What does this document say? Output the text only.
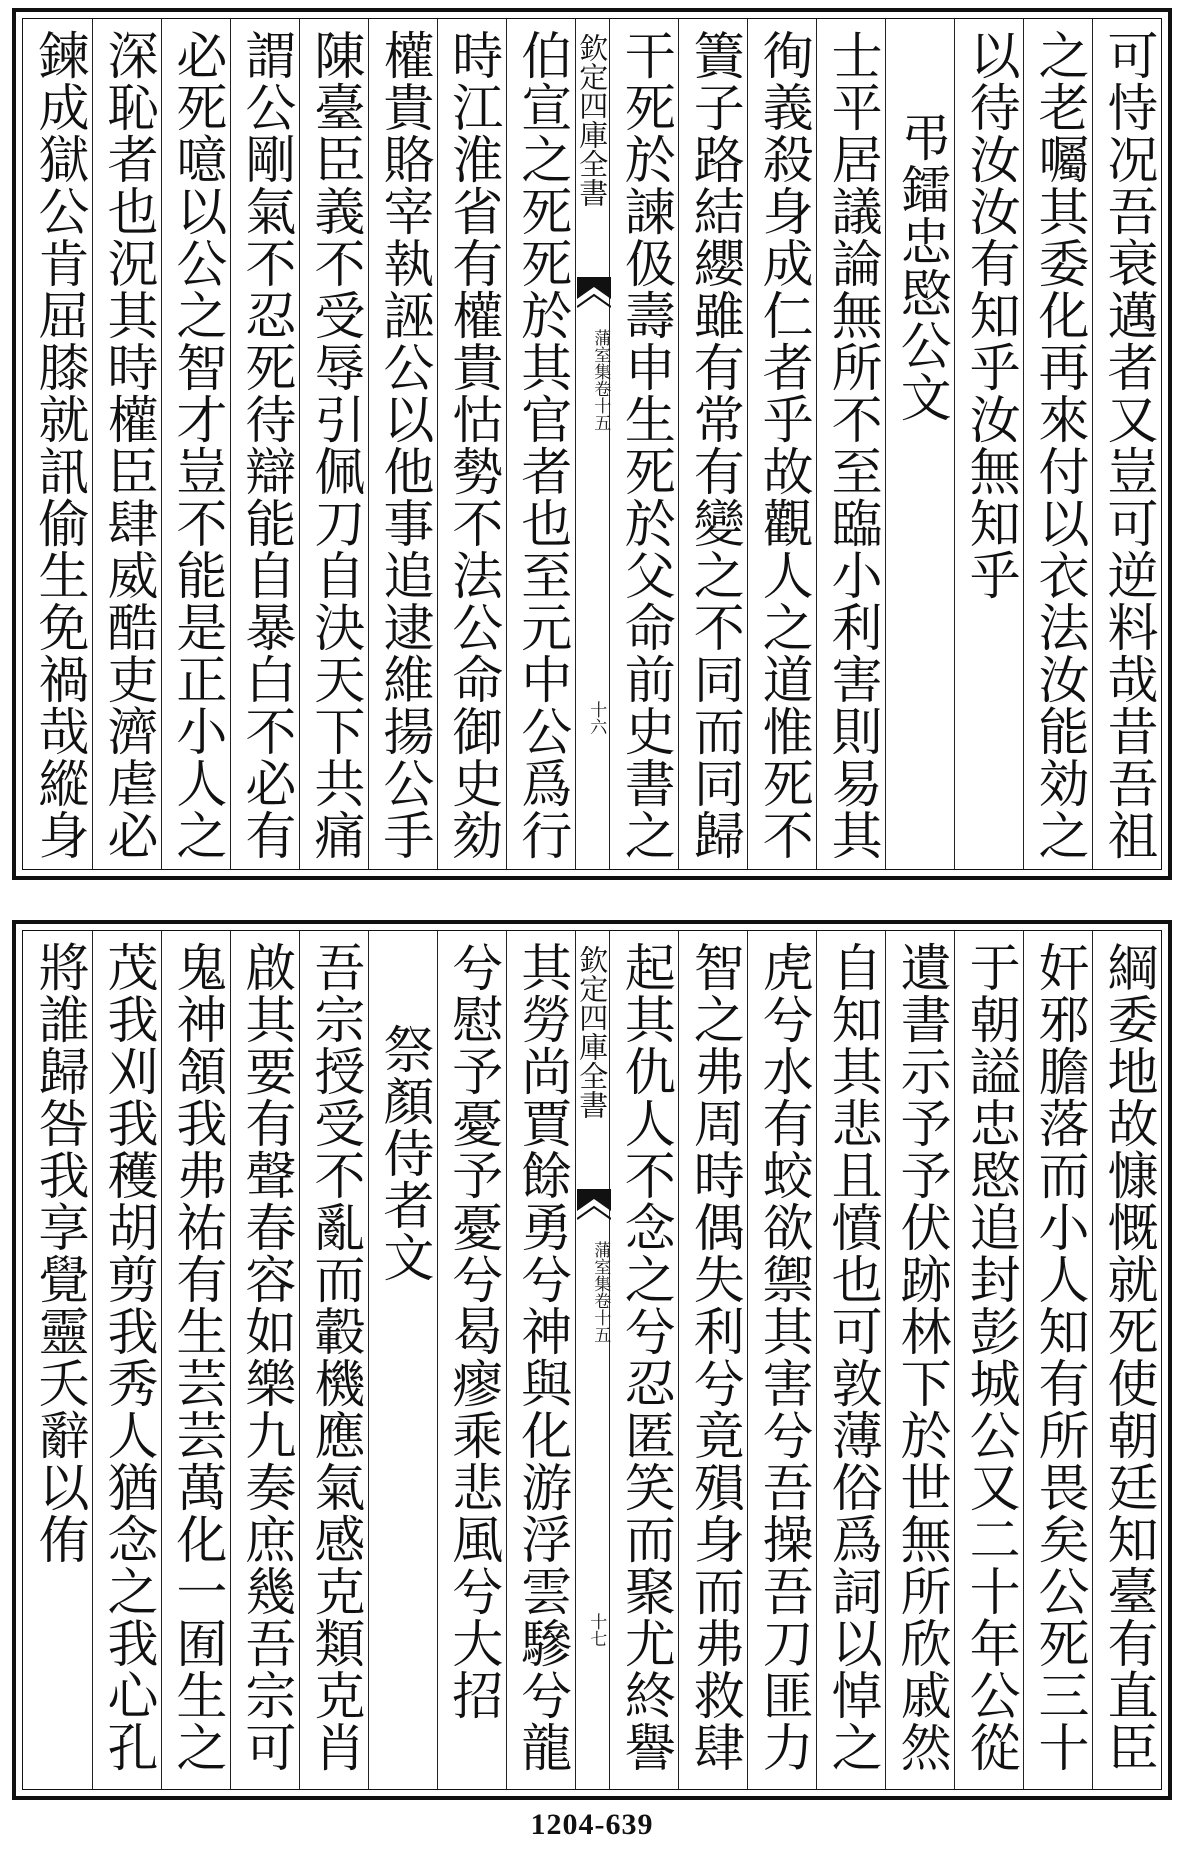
可恃况吾衰邁者又豈可逆料哉昔吾祖
之老囑其委化再來付以衣法汝能効之
以待汝汝有知乎汝無知乎
弔鐳忠愍公文
士平居議論無所不至臨小利害則易其
徇義殺身成仁者乎故觀人之道惟死不
簀子路結纓雖有常有變之不同而同歸
干死於諫伋壽申生死於父命前史書之
欽定四庫全書
蒲室集卷十五
十六
伯宣之死死於其官者也至元中公爲行
時江淮省有權貴怙勢不法公命御史劾
權貴賂宰執誣公以他事追逮維揚公手
陳臺臣義不受辱引佩刀自決天下共痛
謂公剛氣不忍死待辯能自暴白不必有
必死噫以公之智才豈不能是正小人之
深恥者也況其時權臣肆威酷吏濟虐必
鍊成獄公肯屈膝就訊偷生免禍哉縱身
綱委地故慷慨就死使朝廷知臺有直臣
奸邪膽落而小人知有所畏矣公死三十
于朝謚忠愍追封彭城公又二十年公從
遺書示予予伏跡林下於世無所欣戚然
自知其悲且憤也可敦薄俗爲詞以悼之
虎兮水有蛟欲禦其害兮吾操吾刀匪力
智之弗周時偶失利兮竟殞身而弗救肆
起其仇人不念之兮忍匿笑而聚尤終譽
欽定四庫全書
蒲室集卷十五
十七
其勞尚賈餘勇兮神與化游浮雲驂兮龍
兮慰予憂予憂兮曷瘳乘悲風兮大招
祭顏侍者文
吾宗授受不亂而轂機應氣感克類克肖
啟其要有聲春容如樂九奏庶幾吾宗可
鬼神頷我弗祐有生芸芸萬化一囿生之
茂我刈我穫胡剪我秀人猶念之我心孔
將誰歸咎我享覺靈夭辭以侑
1204-639
